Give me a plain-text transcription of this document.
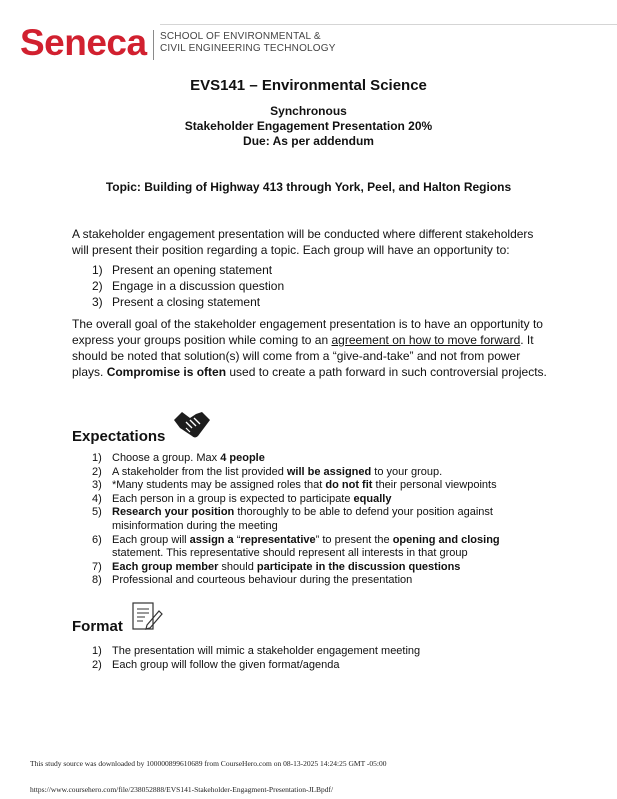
Seneca SCHOOL OF ENVIRONMENTAL &
CIVIL ENGINEERING TECHNOLOGY
EVS141 – Environmental Science
Synchronous
Stakeholder Engagement Presentation 20%
Due: As per addendum
Topic: Building of Highway 413 through York, Peel, and Halton Regions
A stakeholder engagement presentation will be conducted where different stakeholders will present their position regarding a topic. Each group will have an opportunity to:
1) Present an opening statement
2) Engage in a discussion question
3) Present a closing statement
The overall goal of the stakeholder engagement presentation is to have an opportunity to express your groups position while coming to an agreement on how to move forward. It should be noted that solution(s) will come from a “give-and-take” and not from power plays. Compromise is often used to create a path forward in such controversial projects.
Expectations
1) Choose a group. Max 4 people
2) A stakeholder from the list provided will be assigned to your group.
3) *Many students may be assigned roles that do not fit their personal viewpoints
4) Each person in a group is expected to participate equally
5) Research your position thoroughly to be able to defend your position against misinformation during the meeting
6) Each group will assign a “representative” to present the opening and closing statement. This representative should represent all interests in that group
7) Each group member should participate in the discussion questions
8) Professional and courteous behaviour during the presentation
Format
1) The presentation will mimic a stakeholder engagement meeting
2) Each group will follow the given format/agenda
This study source was downloaded by 100000899610689 from CourseHero.com on 08-13-2025 14:24:25 GMT -05:00
https://www.coursehero.com/file/238052888/EVS141-Stakeholder-Engagment-Presentation-JLBpdf/
